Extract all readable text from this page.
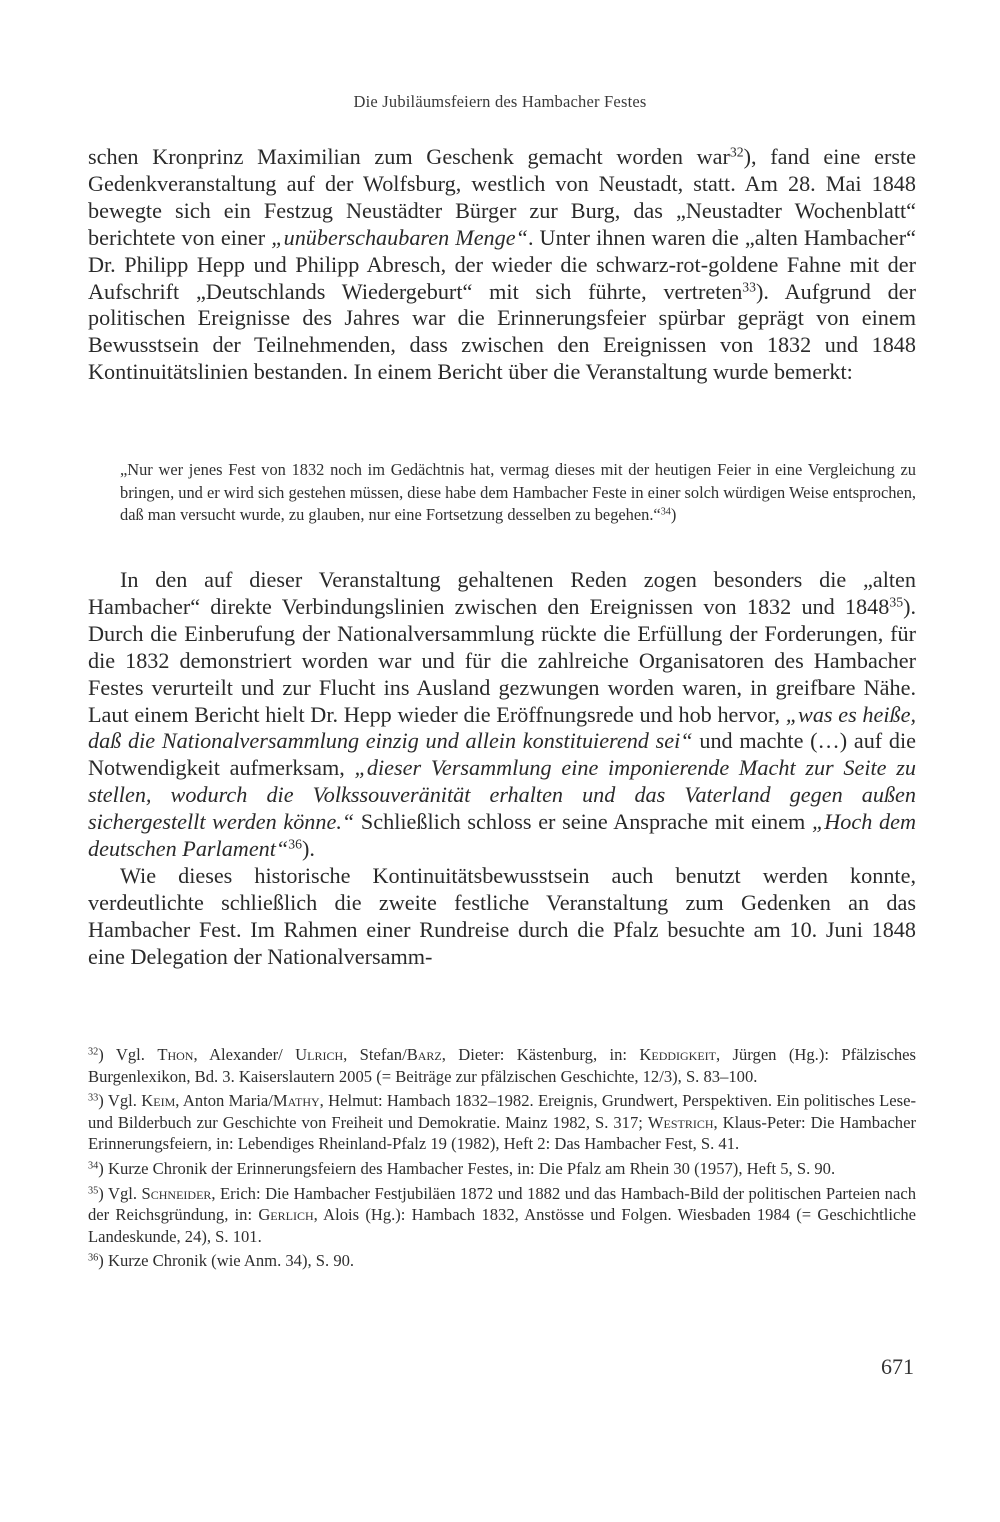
Die Jubiläumsfeiern des Hambacher Festes

schen Kronprinz Maximilian zum Geschenk gemacht worden war$^{32}$), fand eine erste Gedenkveranstaltung auf der Wolfsburg, westlich von Neustadt, statt. Am 28. Mai 1848 bewegte sich ein Festzug Neustädter Bürger zur Burg, das „Neustadter Wochenblatt“ berichtete von einer „unüberschaubaren Menge“. Unter ihnen waren die „alten Hambacher“ Dr. Philipp Hepp und Philipp Abresch, der wieder die schwarz-rot-goldene Fahne mit der Aufschrift „Deutschlands Wiedergeburt“ mit sich führte, vertreten$^{33}$). Aufgrund der politischen Ereignisse des Jahres war die Erinnerungsfeier spürbar geprägt von einem Bewusstsein der Teilnehmenden, dass zwischen den Ereignissen von 1832 und 1848 Kontinuitätslinien bestanden. In einem Bericht über die Veranstaltung wurde bemerkt:

„Nur wer jenes Fest von 1832 noch im Gedächtnis hat, vermag dieses mit der heutigen Feier in eine Vergleichung zu bringen, und er wird sich gestehen müssen, diese habe dem Hambacher Feste in einer solch würdigen Weise entsprochen, daß man versucht wurde, zu glauben, nur eine Fortsetzung desselben zu begehen.“$^{34}$)

In den auf dieser Veranstaltung gehaltenen Reden zogen besonders die „alten Hambacher“ direkte Verbindungslinien zwischen den Ereignissen von 1832 und 1848$^{35}$). Durch die Einberufung der Nationalversammlung rückte die Erfüllung der Forderungen, für die 1832 demonstriert worden war und für die zahlreiche Organisatoren des Hambacher Festes verurteilt und zur Flucht ins Ausland gezwungen worden waren, in greifbare Nähe. Laut einem Bericht hielt Dr. Hepp wieder die Eröffnungsrede und hob hervor, „was es heiße, daß die Nationalversammlung einzig und allein konstituierend sei“ und machte (…) auf die Notwendigkeit aufmerksam, „dieser Versammlung eine imponierende Macht zur Seite zu stellen, wodurch die Volkssouveränität erhalten und das Vaterland gegen außen sichergestellt werden könne.“ Schließlich schloss er seine Ansprache mit einem „Hoch dem deutschen Parlament“$^{36}$).

Wie dieses historische Kontinuitätsbewusstsein auch benutzt werden konnte, verdeutlichte schließlich die zweite festliche Veranstaltung zum Gedenken an das Hambacher Fest. Im Rahmen einer Rundreise durch die Pfalz besuchte am 10. Juni 1848 eine Delegation der Nationalversamm-

$^{32}$) Vgl. Thon, Alexander/ Ulrich, Stefan/Barz, Dieter: Kästenburg, in: Keddigkeit, Jürgen (Hg.): Pfälzisches Burgenlexikon, Bd. 3. Kaiserslautern 2005 (= Beiträge zur pfälzischen Geschichte, 12/3), S. 83–100.

$^{33}$) Vgl. Keim, Anton Maria/Mathy, Helmut: Hambach 1832–1982. Ereignis, Grundwert, Perspektiven. Ein politisches Lese- und Bilderbuch zur Geschichte von Freiheit und Demokratie. Mainz 1982, S. 317; Westrich, Klaus-Peter: Die Hambacher Erinnerungsfeiern, in: Lebendiges Rheinland-Pfalz 19 (1982), Heft 2: Das Hambacher Fest, S. 41.

$^{34}$) Kurze Chronik der Erinnerungsfeiern des Hambacher Festes, in: Die Pfalz am Rhein 30 (1957), Heft 5, S. 90.

$^{35}$) Vgl. Schneider, Erich: Die Hambacher Festjubiläen 1872 und 1882 und das Hambach-Bild der politischen Parteien nach der Reichsgründung, in: Gerlich, Alois (Hg.): Hambach 1832, Anstösse und Folgen. Wiesbaden 1984 (= Geschichtliche Landeskunde, 24), S. 101.

$^{36}$) Kurze Chronik (wie Anm. 34), S. 90.

671
